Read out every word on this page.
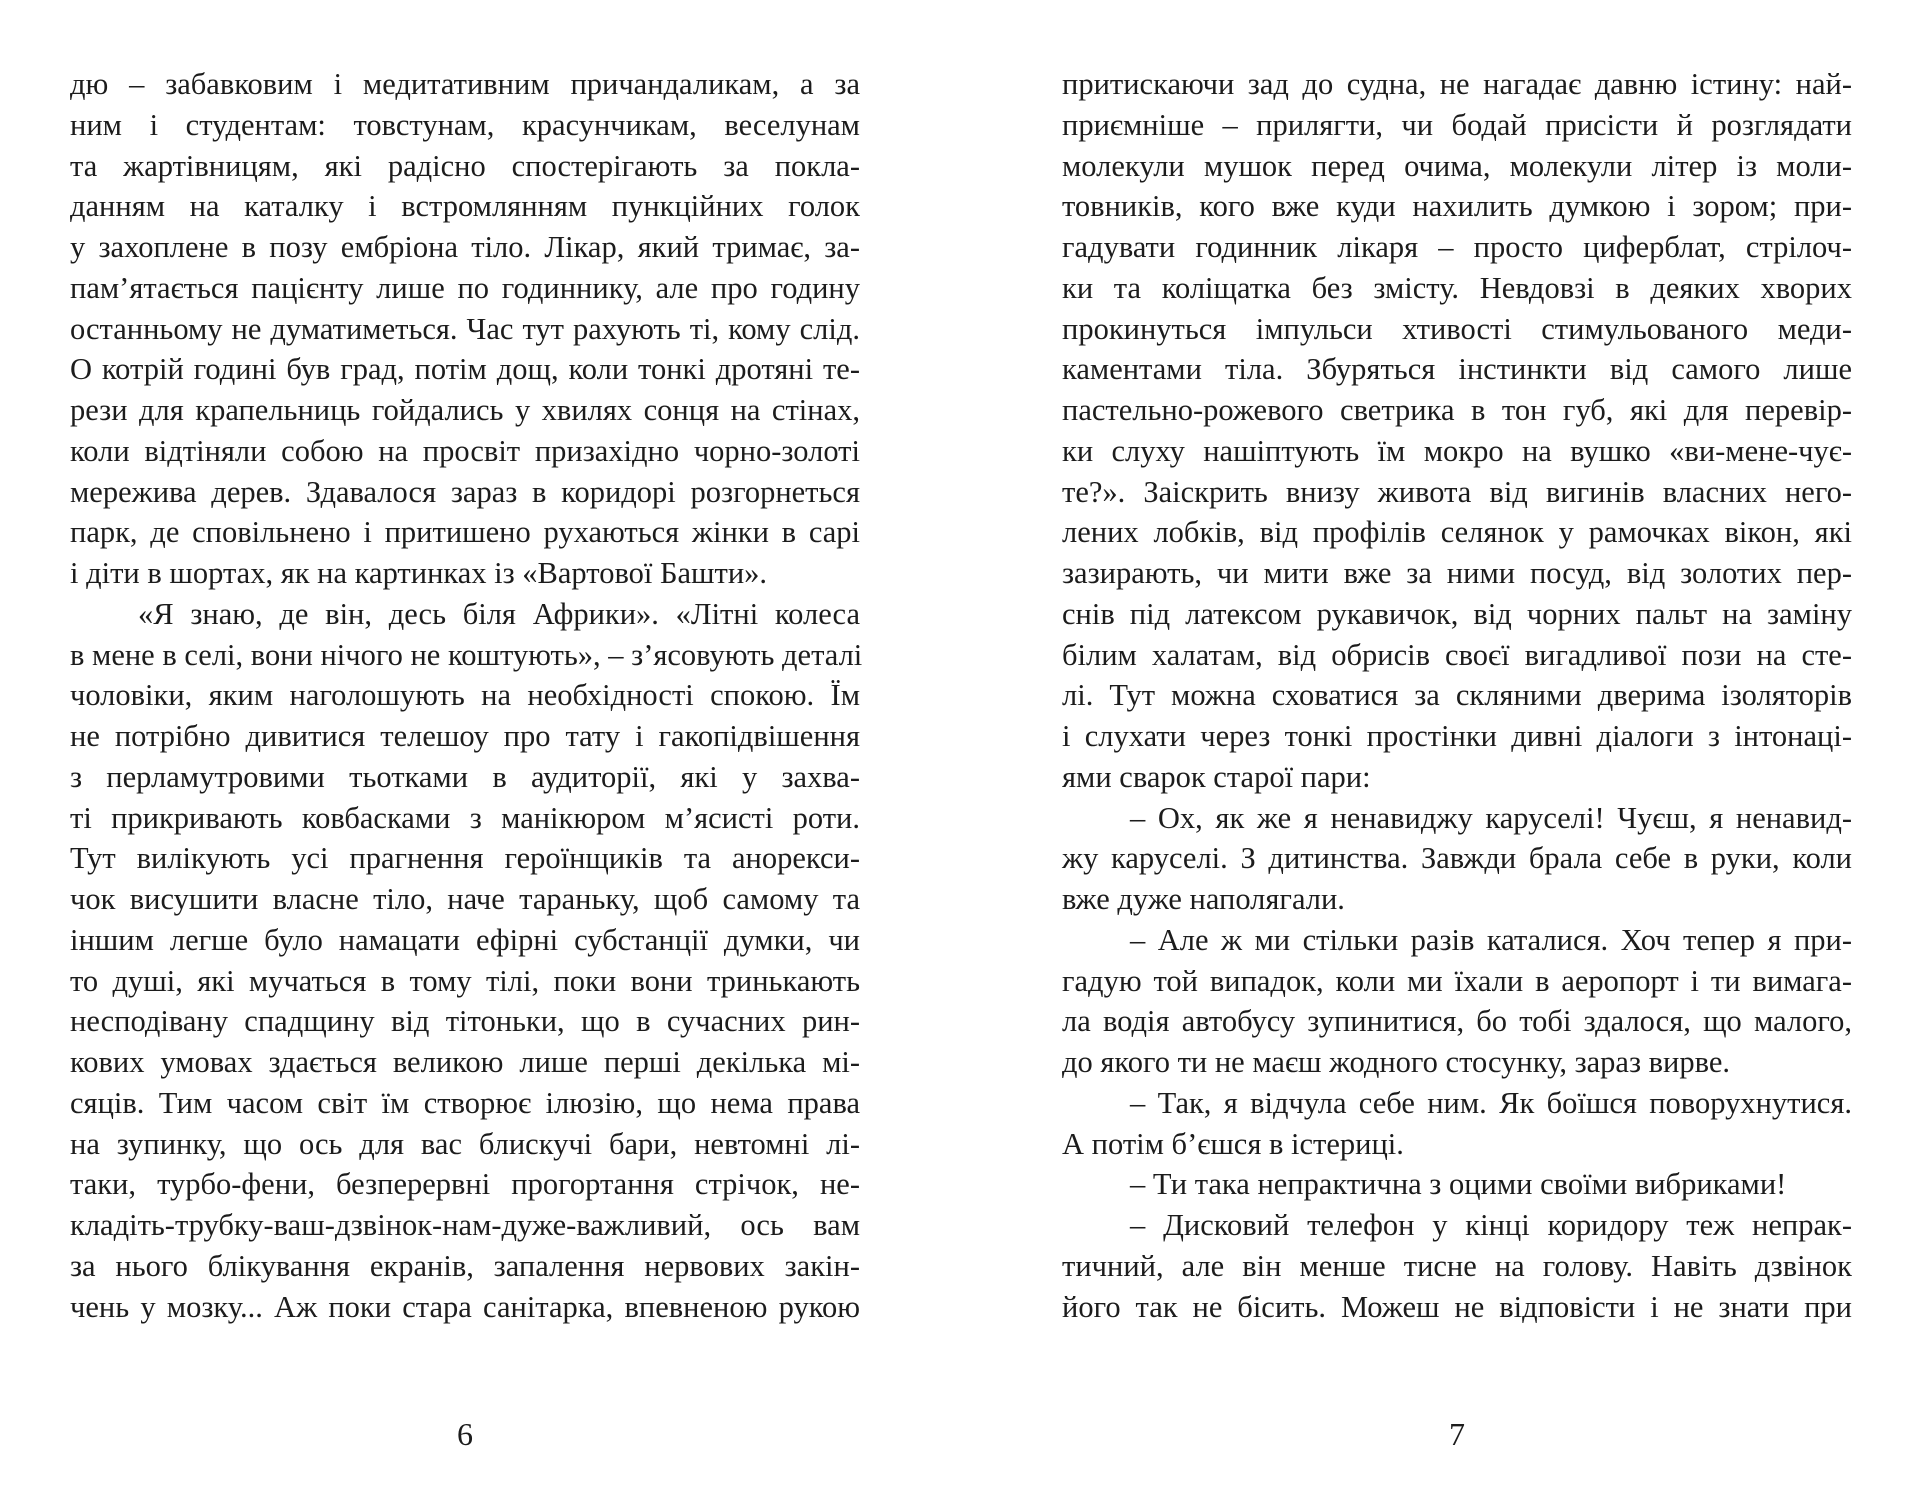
дю – забавковим і медитативним причандаликам, а за
ним і студентам: товстунам, красунчикам, веселунам
та жартівницям, які радісно спостерігають за покла-
данням на каталку і встромлянням пункційних голок
у захоплене в позу ембріона тіло. Лікар, який тримає, за-
пам’ятається пацієнту лише по годиннику, але про годину
останньому не думатиметься. Час тут рахують ті, кому слід.
О котрій годині був град, потім дощ, коли тонкі дротяні те-
рези для крапельниць гойдались у хвилях сонця на стінах,
коли відтіняли собою на просвіт призахідно чорно-золоті
мережива дерев. Здавалося зараз в коридорі розгорнеться
парк, де сповільнено і притишено рухаються жінки в сарі
і діти в шортах, як на картинках із «Вартової Башти».
«Я знаю, де він, десь біля Африки». «Літні колеса
в мене в селі, вони нічого не коштують», – з’ясовують деталі
чоловіки, яким наголошують на необхідності спокою. Їм
не потрібно дивитися телешоу про тату і гакопідвішення
з перламутровими тьотками в аудиторії, які у захва-
ті прикривають ковбасками з манікюром м’ясисті роти.
Тут вилікують усі прагнення героїнщиків та анорекси-
чок висушити власне тіло, наче тараньку, щоб самому та
іншим легше було намацати ефірні субстанції думки, чи
то душі, які мучаться в тому тілі, поки вони тринькають
несподівану спадщину від тітоньки, що в сучасних рин-
кових умовах здається великою лише перші декілька мі-
сяців. Тим часом світ їм створює ілюзію, що нема права
на зупинку, що ось для вас блискучі бари, невтомні лі-
таки, турбо-фени, безперервні прогортання стрічок, не-
кладіть-трубку-ваш-дзвінок-нам-дуже-важливий, ось вам
за нього блікування екранів, запалення нервових закін-
чень у мозку... Аж поки стара санітарка, впевненою рукою
6
притискаючи зад до судна, не нагадає давню істину: най-
приємніше – прилягти, чи бодай присісти й розглядати
молекули мушок перед очима, молекули літер із моли-
товників, кого вже куди нахилить думкою і зором; при-
гадувати годинник лікаря – просто циферблат, стрілоч-
ки та коліщатка без змісту. Невдовзі в деяких хворих
прокинуться імпульси хтивості стимульованого меди-
каментами тіла. Збуряться інстинкти від самого лише
пастельно-рожевого светрика в тон губ, які для перевір-
ки слуху нашіптують їм мокро на вушко «ви-мене-чує-
те?». Заіскрить внизу живота від вигинів власних него-
лених лобків, від профілів селянок у рамочках вікон, які
зазирають, чи мити вже за ними посуд, від золотих пер-
снів під латексом рукавичок, від чорних пальт на заміну
білим халатам, від обрисів своєї вигадливої пози на сте-
лі. Тут можна сховатися за скляними дверима ізоляторів
і слухати через тонкі простінки дивні діалоги з інтонаці-
ями сварок старої пари:
– Ох, як же я ненавиджу каруселі! Чуєш, я ненавид-
жу каруселі. З дитинства. Завжди брала себе в руки, коли
вже дуже наполягали.
– Але ж ми стільки разів каталися. Хоч тепер я при-
гадую той випадок, коли ми їхали в аеропорт і ти вимага-
ла водія автобусу зупинитися, бо тобі здалося, що малого,
до якого ти не маєш жодного стосунку, зараз вирве.
– Так, я відчула себе ним. Як боїшся поворухнутися.
А потім б’єшся в істериці.
– Ти така непрактична з оцими своїми вибриками!
– Дисковий телефон у кінці коридору теж непрак-
тичний, але він менше тисне на голову. Навіть дзвінок
його так не бісить. Можеш не відповісти і не знати при
7
